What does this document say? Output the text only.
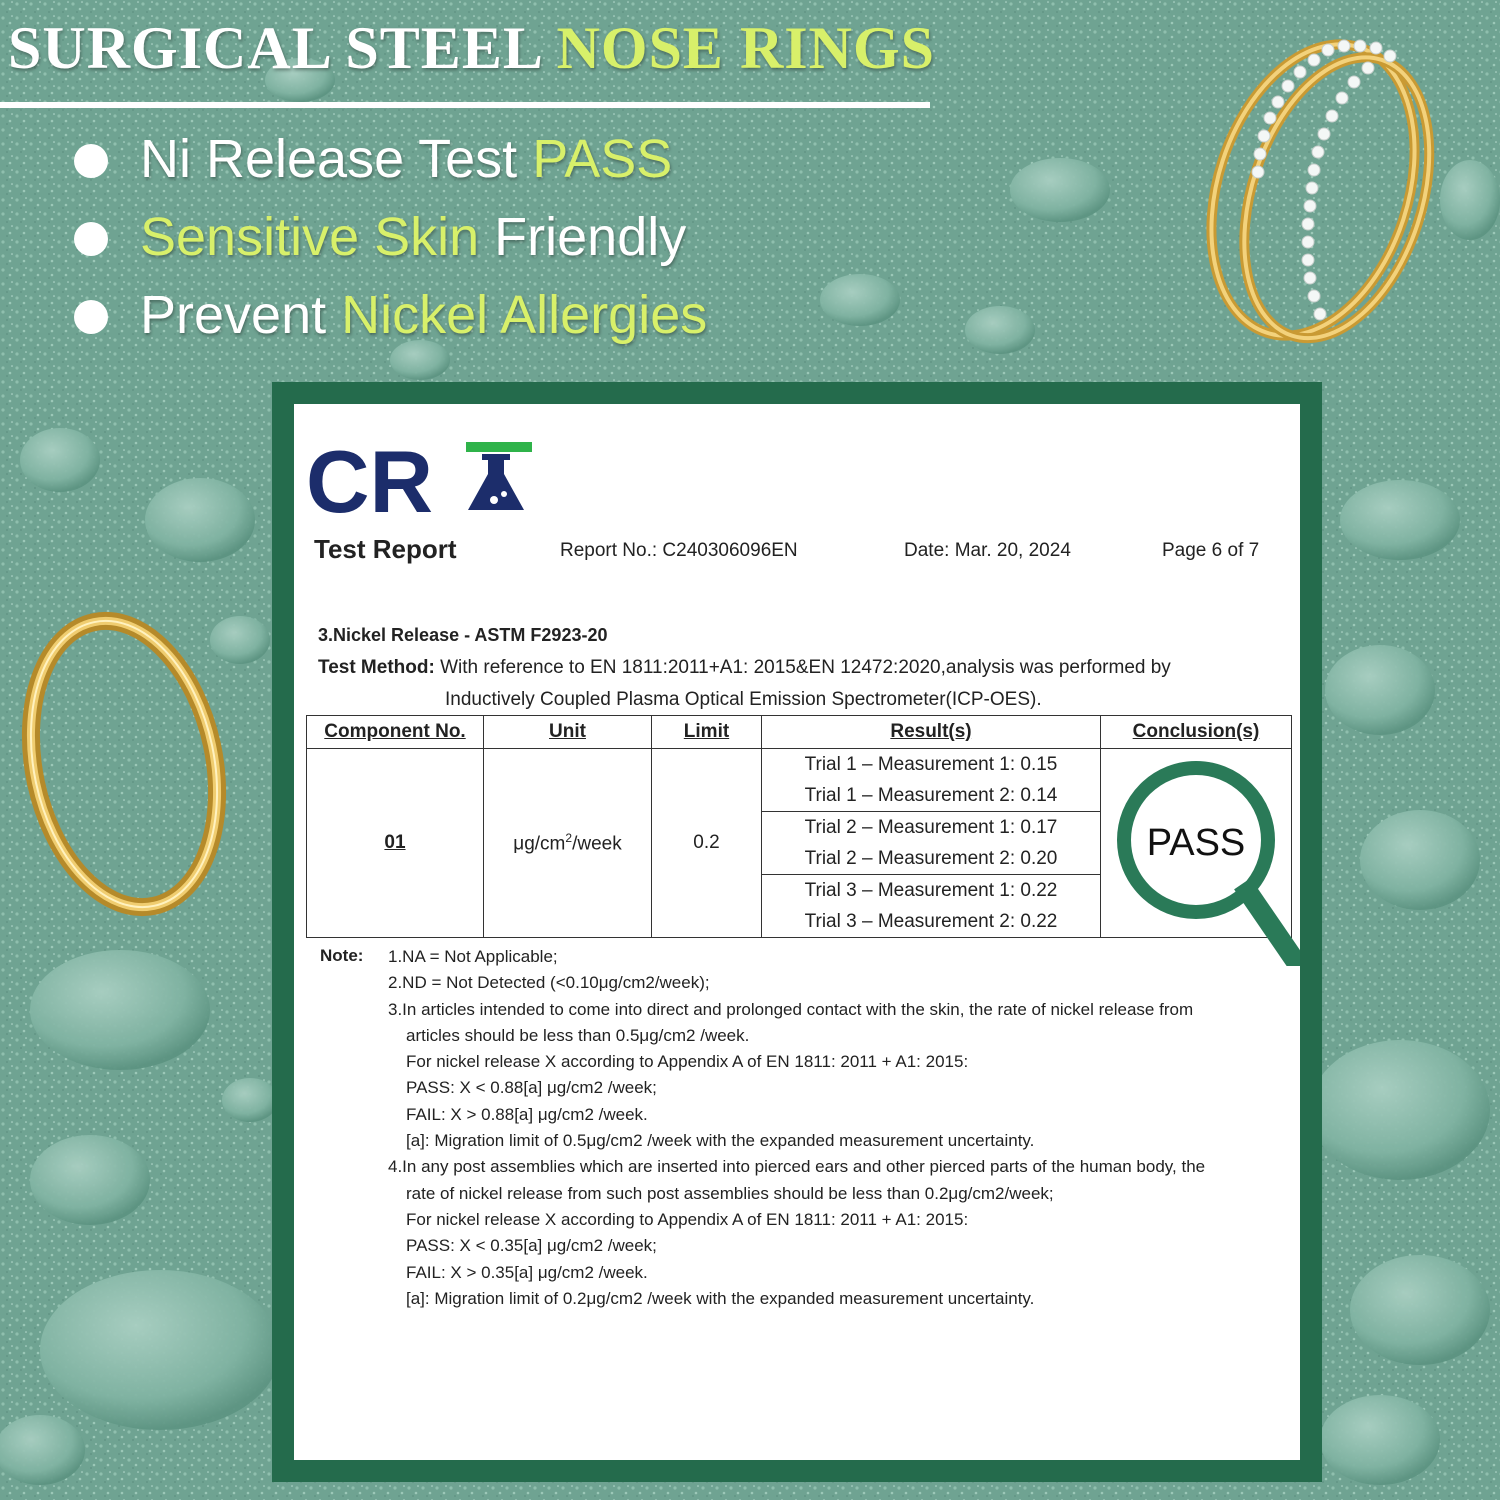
SURGICAL STEEL NOSE RINGS
Ni Release Test PASS
Sensitive Skin Friendly
Prevent Nickel Allergies
CR
Test Report	Report No.: C240306096EN	Date: Mar. 20, 2024	Page 6 of 7
3.Nickel Release - ASTM F2923-20
Test Method: With reference to EN 1811:2011+A1: 2015&EN 12472:2020,analysis was performed by
Inductively Coupled Plasma Optical Emission Spectrometer(ICP-OES).
Component No.	Unit	Limit	Result(s)	Conclusion(s)
01	$\mu g/cm^2$/week	0.2	Trial 1 – Measurement 1: 0.15	
			Trial 1 – Measurement 2: 0.14	
			Trial 2 – Measurement 1: 0.17	
			Trial 2 – Measurement 2: 0.20	
			Trial 3 – Measurement 1: 0.22	
			Trial 3 – Measurement 2: 0.22	
PASS
Note: 1.NA = Not Applicable;
2.ND = Not Detected (<0.10μg/cm2/week);
3.In articles intended to come into direct and prolonged contact with the skin, the rate of nickel release from
articles should be less than 0.5μg/cm2 /week.
For nickel release X according to Appendix A of EN 1811: 2011 + A1: 2015:
PASS: X < 0.88[a] μg/cm2 /week;
FAIL: X > 0.88[a] μg/cm2 /week.
[a]: Migration limit of 0.5μg/cm2 /week with the expanded measurement uncertainty.
4.In any post assemblies which are inserted into pierced ears and other pierced parts of the human body, the
rate of nickel release from such post assemblies should be less than 0.2μg/cm2/week;
For nickel release X according to Appendix A of EN 1811: 2011 + A1: 2015:
PASS: X < 0.35[a] μg/cm2 /week;
FAIL: X > 0.35[a] μg/cm2 /week.
[a]: Migration limit of 0.2μg/cm2 /week with the expanded measurement uncertainty.
